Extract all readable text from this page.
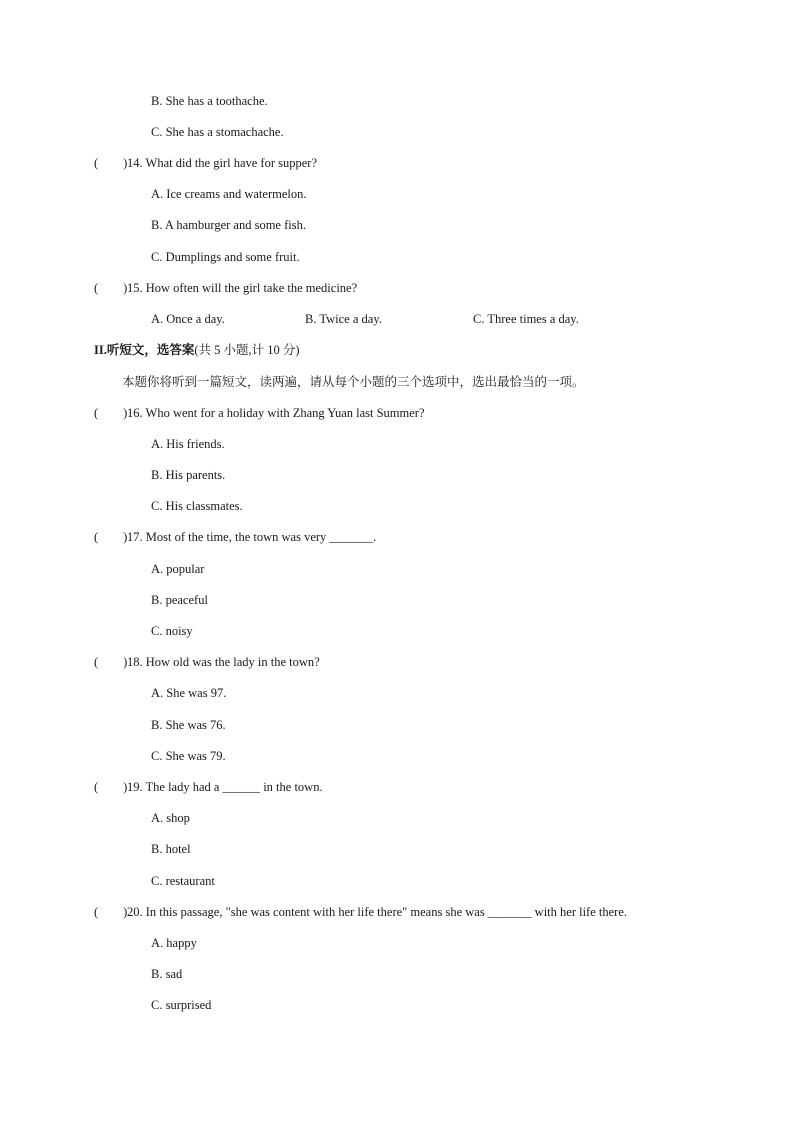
B. She has a toothache.
C. She has a stomachache.
(        )14. What did the girl have for supper?
A. Ice creams and watermelon.
B. A hamburger and some fish.
C. Dumplings and some fruit.
(        )15. How often will the girl take the medicine?
A. Once a day.	B. Twice a day.	C. Three times a day.
II.听短文，选答案(共 5 小题,计 10 分)
本题你将听到一篇短文，读两遍，请从每个小题的三个选项中，选出最恰当的一项。
(        )16. Who went for a holiday with Zhang Yuan last Summer?
A. His friends.
B. His parents.
C. His classmates.
(        )17. Most of the time, the town was very _______.
A. popular
B. peaceful
C. noisy
(        )18. How old was the lady in the town?
A. She was 97.
B. She was 76.
C. She was 79.
(        )19. The lady had a ______ in the town.
A. shop
B. hotel
C. restaurant
(        )20. In this passage, "she was content with her life there" means she was _______ with her life there.
A. happy
B. sad
C. surprised
